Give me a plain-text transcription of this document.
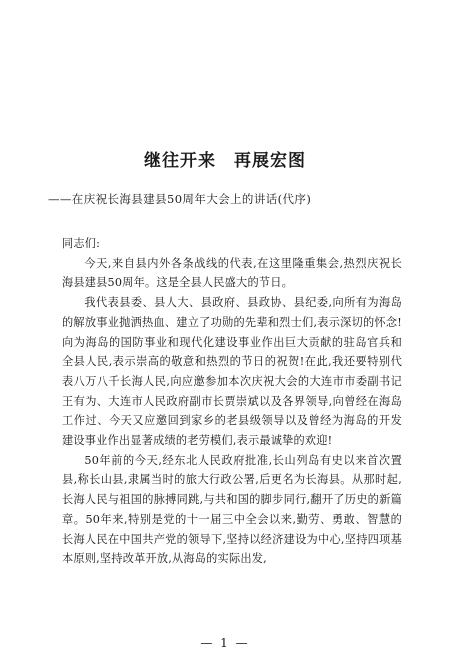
继往开来　再展宏图
——在庆祝长海县建县50周年大会上的讲话(代序)

同志们:

今天,来自县内外各条战线的代表,在这里隆重集会,热烈庆祝长海县建县50周年。这是全县人民盛大的节日。

我代表县委、县人大、县政府、县政协、县纪委,向所有为海岛的解放事业抛洒热血、建立了功勋的先辈和烈士们,表示深切的怀念!向为海岛的国防事业和现代化建设事业作出巨大贡献的驻岛官兵和全县人民,表示崇高的敬意和热烈的节日的祝贺!在此,我还要特别代表八万八千长海人民,向应邀参加本次庆祝大会的大连市市委副书记王有为、大连市人民政府副市长贾崇斌以及各界领导,向曾经在海岛工作过、今天又应邀回到家乡的老县级领导以及曾经为海岛的开发建设事业作出显著成绩的老劳模们,表示最诚挚的欢迎!

50年前的今天,经东北人民政府批准,长山列岛有史以来首次置县,称长山县,隶属当时的旅大行政公署,后更名为长海县。从那时起,长海人民与祖国的脉搏同跳,与共和国的脚步同行,翻开了历史的新篇章。50年来,特别是党的十一届三中全会以来,勤劳、勇敢、智慧的长海人民在中国共产党的领导下,坚持以经济建设为中心,坚持四项基本原则,坚持改革开放,从海岛的实际出发,

— 1 —
